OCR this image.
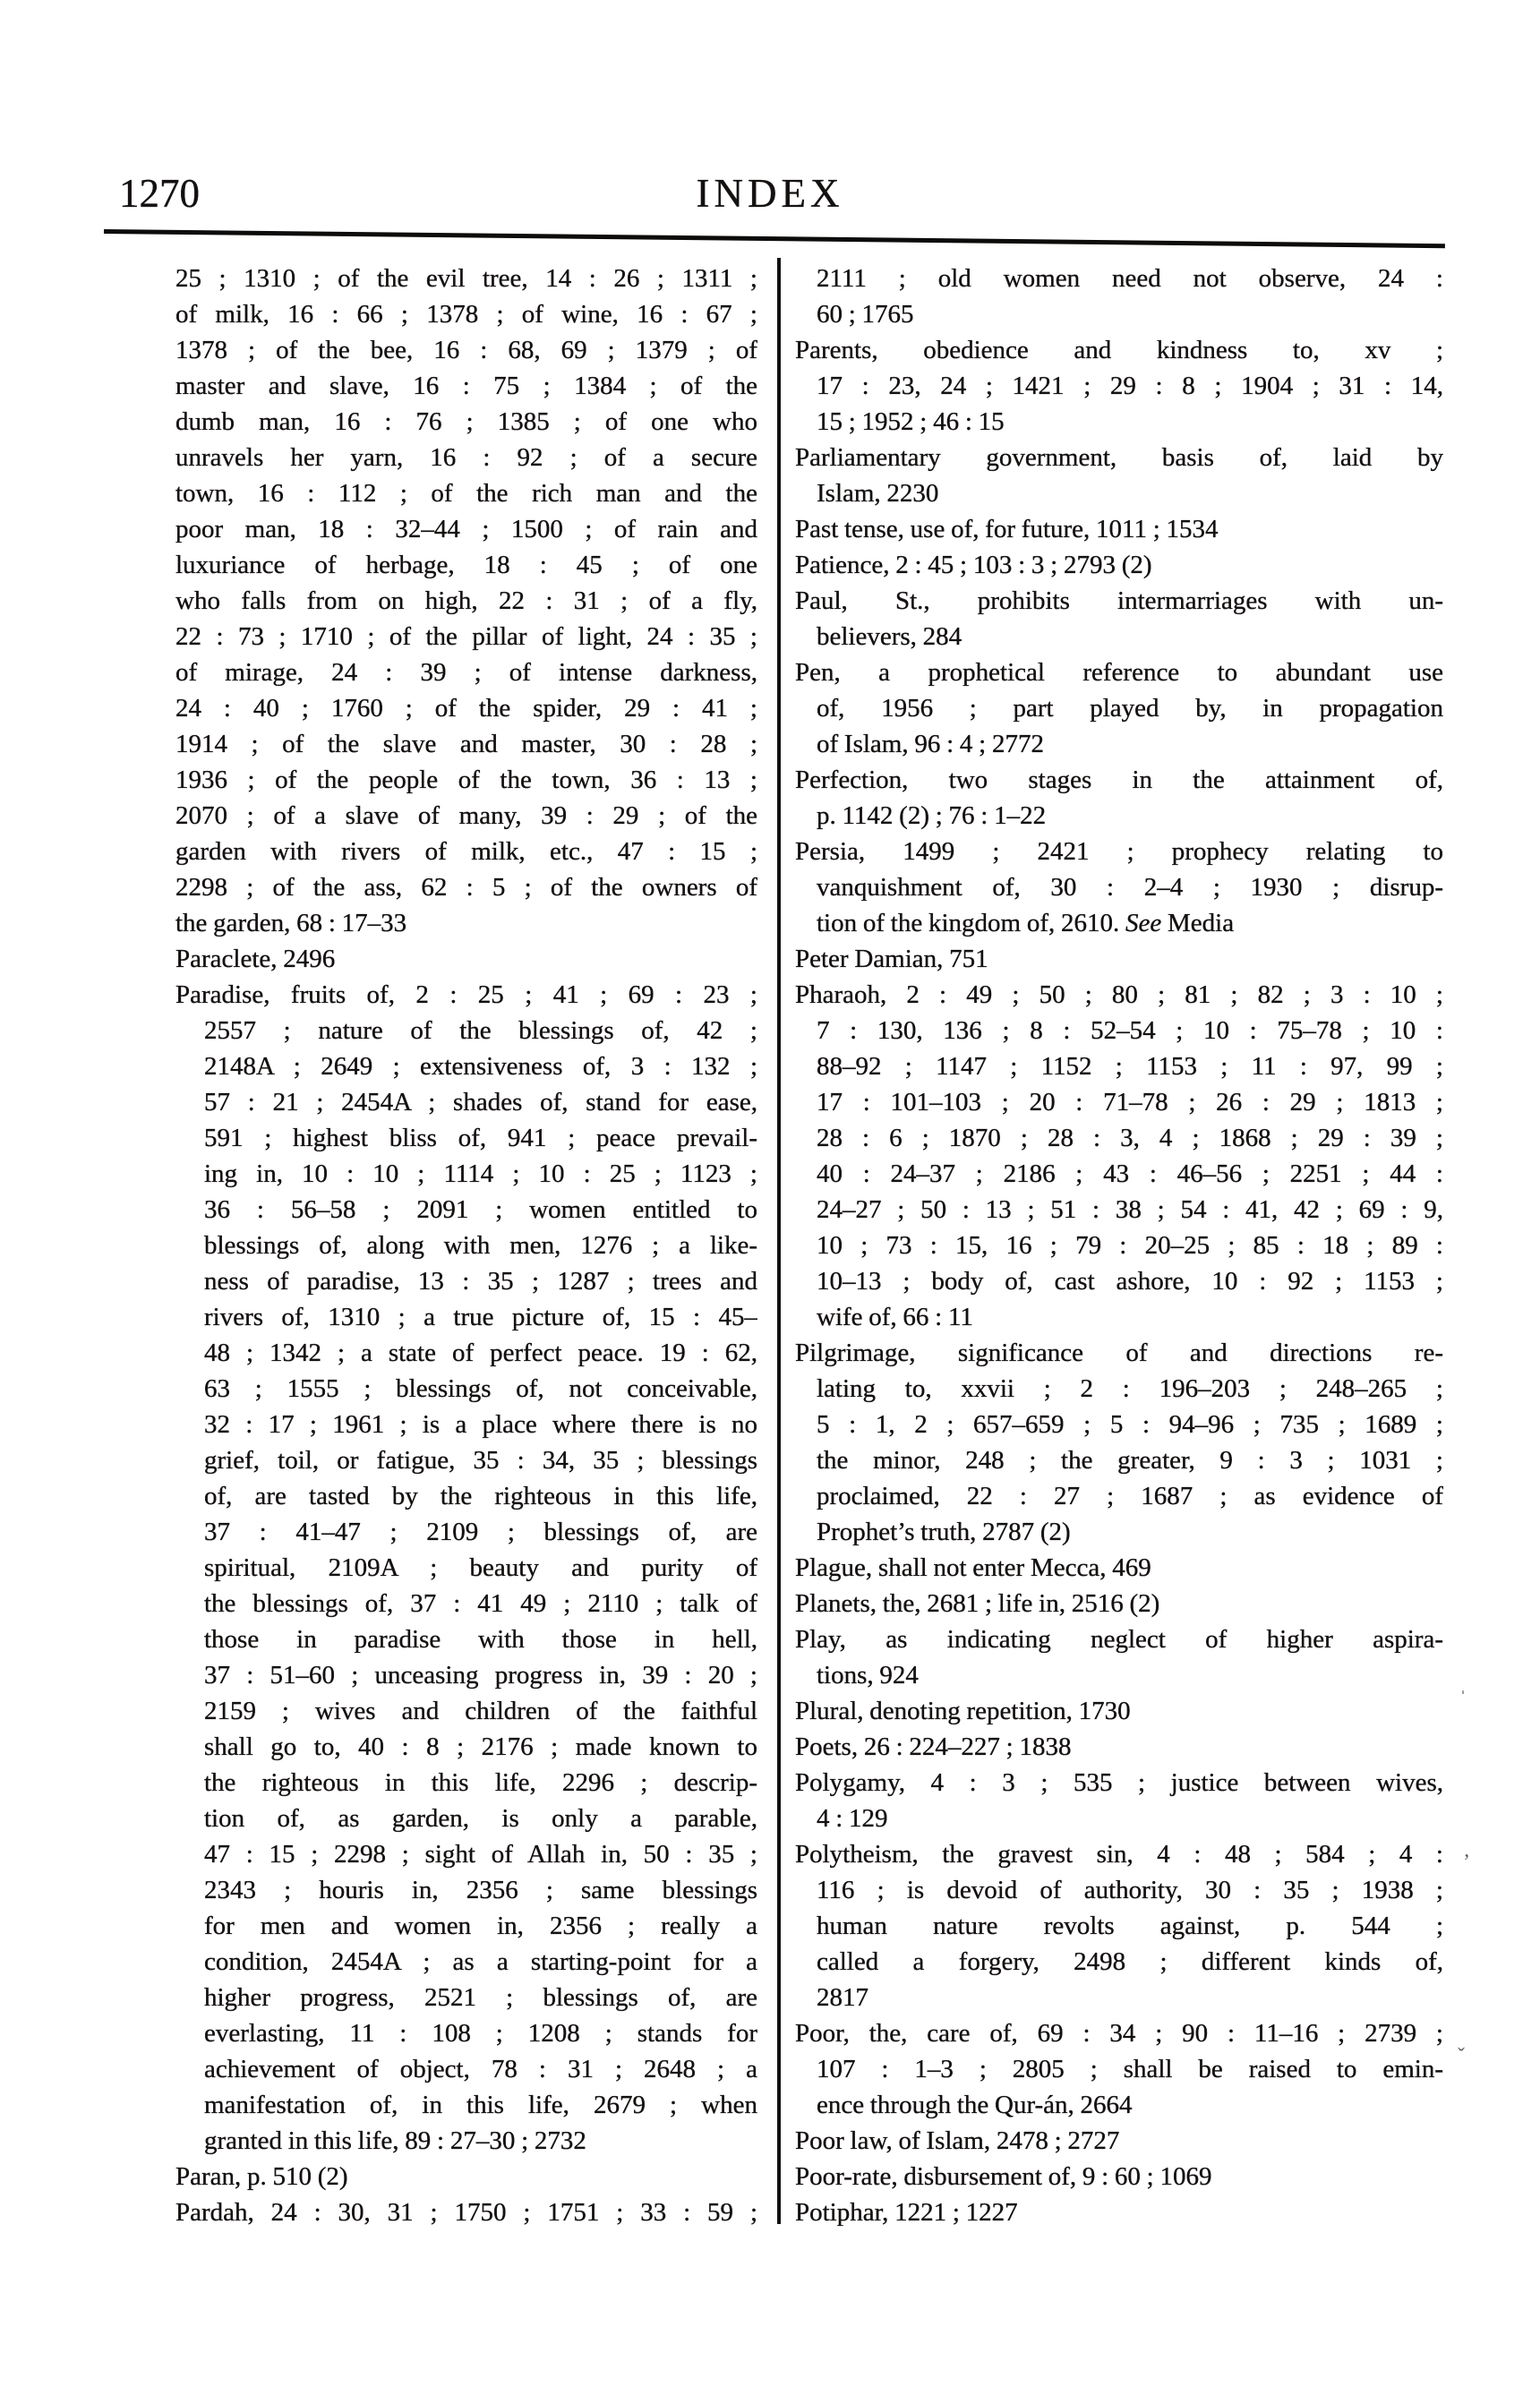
1270	INDEX
25 ; 1310 ; of the evil tree, 14 : 26 ; 1311 ;
of milk, 16 : 66 ; 1378 ; of wine, 16 : 67 ;
1378 ; of the bee, 16 : 68, 69 ; 1379 ; of
master and slave, 16 : 75 ; 1384 ; of the
dumb man, 16 : 76 ; 1385 ; of one who
unravels her yarn, 16 : 92 ; of a secure
town, 16 : 112 ; of the rich man and the
poor man, 18 : 32–44 ; 1500 ; of rain and
luxuriance of herbage, 18 : 45 ; of one
who falls from on high, 22 : 31 ; of a fly,
22 : 73 ; 1710 ; of the pillar of light, 24 : 35 ;
of mirage, 24 : 39 ; of intense darkness,
24 : 40 ; 1760 ; of the spider, 29 : 41 ;
1914 ; of the slave and master, 30 : 28 ;
1936 ; of the people of the town, 36 : 13 ;
2070 ; of a slave of many, 39 : 29 ; of the
garden with rivers of milk, etc., 47 : 15 ;
2298 ; of the ass, 62 : 5 ; of the owners of
the garden, 68 : 17–33
Paraclete, 2496
Paradise, fruits of, 2 : 25 ; 41 ; 69 : 23 ;
2557 ; nature of the blessings of, 42 ;
2148A ; 2649 ; extensiveness of, 3 : 132 ;
57 : 21 ; 2454A ; shades of, stand for ease,
591 ; highest bliss of, 941 ; peace prevail-
ing in, 10 : 10 ; 1114 ; 10 : 25 ; 1123 ;
36 : 56–58 ; 2091 ; women entitled to
blessings of, along with men, 1276 ; a like-
ness of paradise, 13 : 35 ; 1287 ; trees and
rivers of, 1310 ; a true picture of, 15 : 45–
48 ; 1342 ; a state of perfect peace. 19 : 62,
63 ; 1555 ; blessings of, not conceivable,
32 : 17 ; 1961 ; is a place where there is no
grief, toil, or fatigue, 35 : 34, 35 ; blessings
of, are tasted by the righteous in this life,
37 : 41–47 ; 2109 ; blessings of, are
spiritual, 2109A ; beauty and purity of
the blessings of, 37 : 41 49 ; 2110 ; talk of
those in paradise with those in hell,
37 : 51–60 ; unceasing progress in, 39 : 20 ;
2159 ; wives and children of the faithful
shall go to, 40 : 8 ; 2176 ; made known to
the righteous in this life, 2296 ; descrip-
tion of, as garden, is only a parable,
47 : 15 ; 2298 ; sight of Allah in, 50 : 35 ;
2343 ; houris in, 2356 ; same blessings
for men and women in, 2356 ; really a
condition, 2454A ; as a starting-point for a
higher progress, 2521 ; blessings of, are
everlasting, 11 : 108 ; 1208 ; stands for
achievement of object, 78 : 31 ; 2648 ; a
manifestation of, in this life, 2679 ; when
granted in this life, 89 : 27–30 ; 2732
Paran, p. 510 (2)
Pardah, 24 : 30, 31 ; 1750 ; 1751 ; 33 : 59 ;
2111 ; old women need not observe, 24 :
60 ; 1765
Parents, obedience and kindness to, xv ;
17 : 23, 24 ; 1421 ; 29 : 8 ; 1904 ; 31 : 14,
15 ; 1952 ; 46 : 15
Parliamentary government, basis of, laid by
Islam, 2230
Past tense, use of, for future, 1011 ; 1534
Patience, 2 : 45 ; 103 : 3 ; 2793 (2)
Paul, St., prohibits intermarriages with un-
believers, 284
Pen, a prophetical reference to abundant use
of, 1956 ; part played by, in propagation
of Islam, 96 : 4 ; 2772
Perfection, two stages in the attainment of,
p. 1142 (2) ; 76 : 1–22
Persia, 1499 ; 2421 ; prophecy relating to
vanquishment of, 30 : 2–4 ; 1930 ; disrup-
tion of the kingdom of, 2610. See Media
Peter Damian, 751
Pharaoh, 2 : 49 ; 50 ; 80 ; 81 ; 82 ; 3 : 10 ;
7 : 130, 136 ; 8 : 52–54 ; 10 : 75–78 ; 10 :
88–92 ; 1147 ; 1152 ; 1153 ; 11 : 97, 99 ;
17 : 101–103 ; 20 : 71–78 ; 26 : 29 ; 1813 ;
28 : 6 ; 1870 ; 28 : 3, 4 ; 1868 ; 29 : 39 ;
40 : 24–37 ; 2186 ; 43 : 46–56 ; 2251 ; 44 :
24–27 ; 50 : 13 ; 51 : 38 ; 54 : 41, 42 ; 69 : 9,
10 ; 73 : 15, 16 ; 79 : 20–25 ; 85 : 18 ; 89 :
10–13 ; body of, cast ashore, 10 : 92 ; 1153 ;
wife of, 66 : 11
Pilgrimage, significance of and directions re-
lating to, xxvii ; 2 : 196–203 ; 248–265 ;
5 : 1, 2 ; 657–659 ; 5 : 94–96 ; 735 ; 1689 ;
the minor, 248 ; the greater, 9 : 3 ; 1031 ;
proclaimed, 22 : 27 ; 1687 ; as evidence of
Prophet’s truth, 2787 (2)
Plague, shall not enter Mecca, 469
Planets, the, 2681 ; life in, 2516 (2)
Play, as indicating neglect of higher aspira-
tions, 924
Plural, denoting repetition, 1730
Poets, 26 : 224–227 ; 1838
Polygamy, 4 : 3 ; 535 ; justice between wives,
4 : 129
Polytheism, the gravest sin, 4 : 48 ; 584 ; 4 :
116 ; is devoid of authority, 30 : 35 ; 1938 ;
human nature revolts against, p. 544 ;
called a forgery, 2498 ; different kinds of,
2817
Poor, the, care of, 69 : 34 ; 90 : 11–16 ; 2739 ;
107 : 1–3 ; 2805 ; shall be raised to emin-
ence through the Qur-án, 2664
Poor law, of Islam, 2478 ; 2727
Poor-rate, disbursement of, 9 : 60 ; 1069
Potiphar, 1221 ; 1227
ˈ
’
ˬ
